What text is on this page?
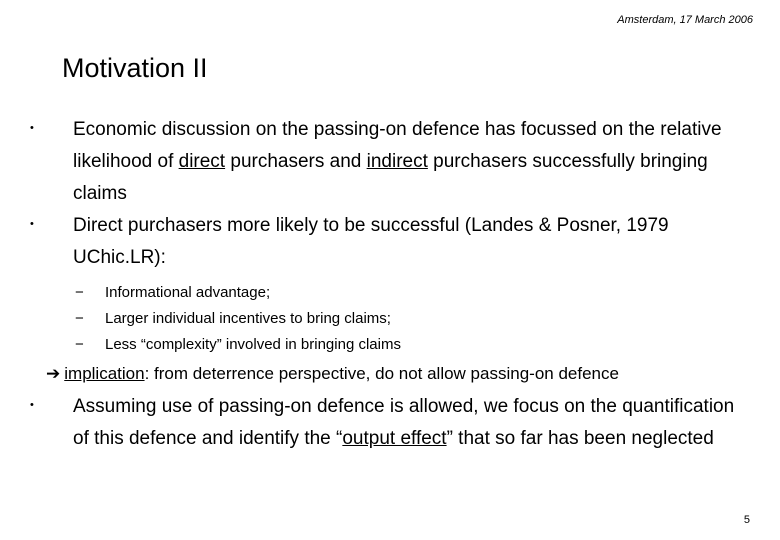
Amsterdam, 17 March 2006
Motivation II
• Economic discussion on the passing-on defence has focussed on the relative likelihood of direct purchasers and indirect purchasers successfully bringing claims
• Direct purchasers more likely to be successful (Landes & Posner, 1979 UChic.LR):
− Informational advantage;
− Larger individual incentives to bring claims;
− Less “complexity” involved in bringing claims
➔ implication: from deterrence perspective, do not allow passing-on defence
• Assuming use of passing-on defence is allowed, we focus on the quantification of this defence and identify the “output effect” that so far has been neglected
5
